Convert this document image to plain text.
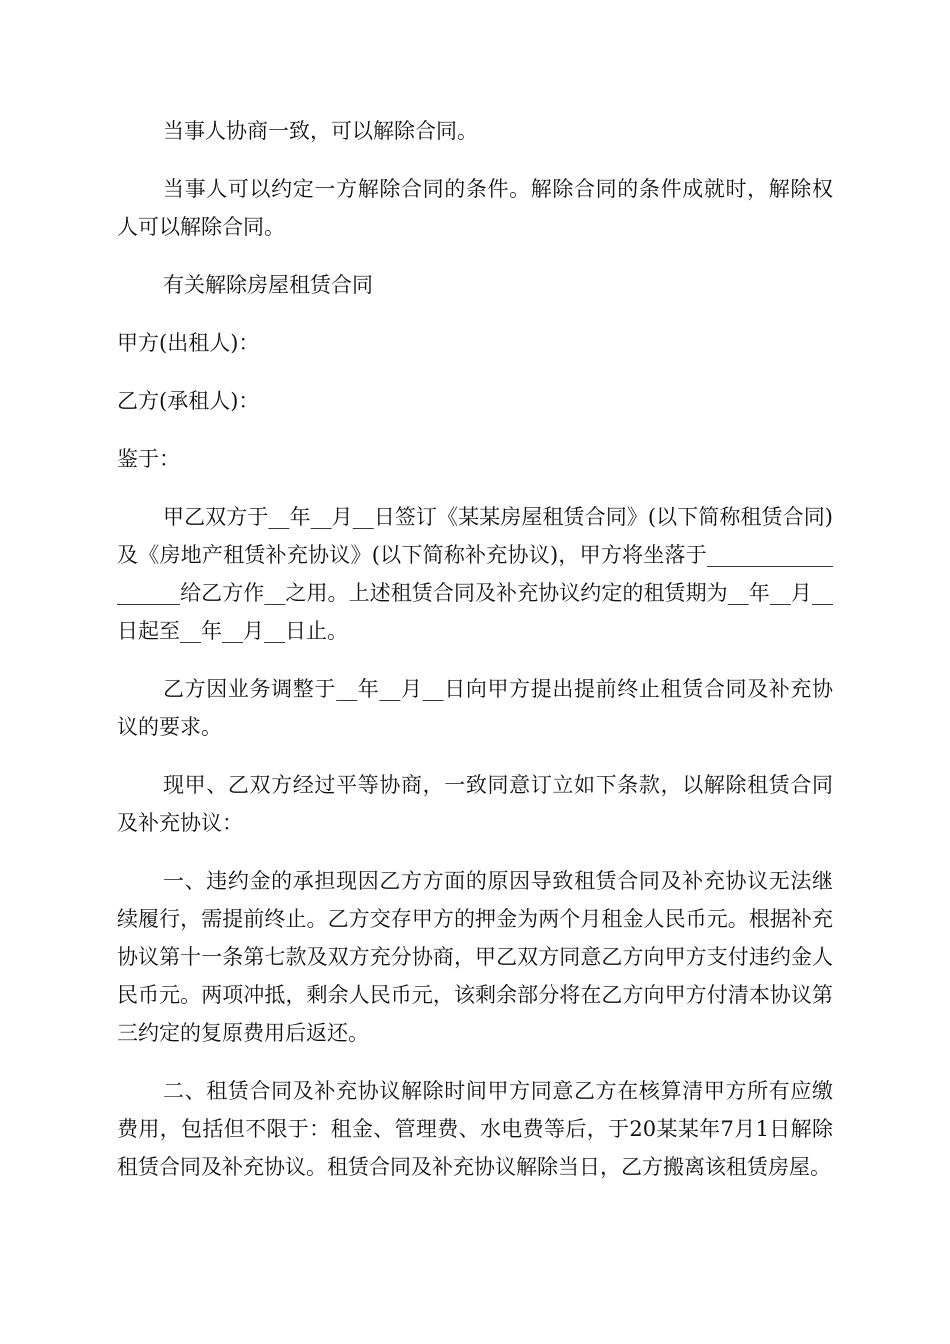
当事人协商一致，可以解除合同。

当事人可以约定一方解除合同的条件。解除合同的条件成就时，解除权人可以解除合同。

有关解除房屋租赁合同

甲方(出租人)：

乙方(承租人)：

鉴于：

甲乙双方于__年__月__日签订《某某房屋租赁合同》(以下简称租赁合同)及《房地产租赁补充协议》(以下简称补充协议)，甲方将坐落于__________________给乙方作__之用。上述租赁合同及补充协议约定的租赁期为__年__月__日起至__年__月__日止。

乙方因业务调整于__年__月__日向甲方提出提前终止租赁合同及补充协议的要求。

现甲、乙双方经过平等协商，一致同意订立如下条款，以解除租赁合同及补充协议：

一、违约金的承担现因乙方方面的原因导致租赁合同及补充协议无法继续履行，需提前终止。乙方交存甲方的押金为两个月租金人民币元。根据补充协议第十一条第七款及双方充分协商，甲乙双方同意乙方向甲方支付违约金人民币元。两项冲抵，剩余人民币元，该剩余部分将在乙方向甲方付清本协议第三约定的复原费用后返还。

二、租赁合同及补充协议解除时间甲方同意乙方在核算清甲方所有应缴费用，包括但不限于：租金、管理费、水电费等后，于20某某年7月1日解除租赁合同及补充协议。租赁合同及补充协议解除当日，乙方搬离该租赁房屋。
